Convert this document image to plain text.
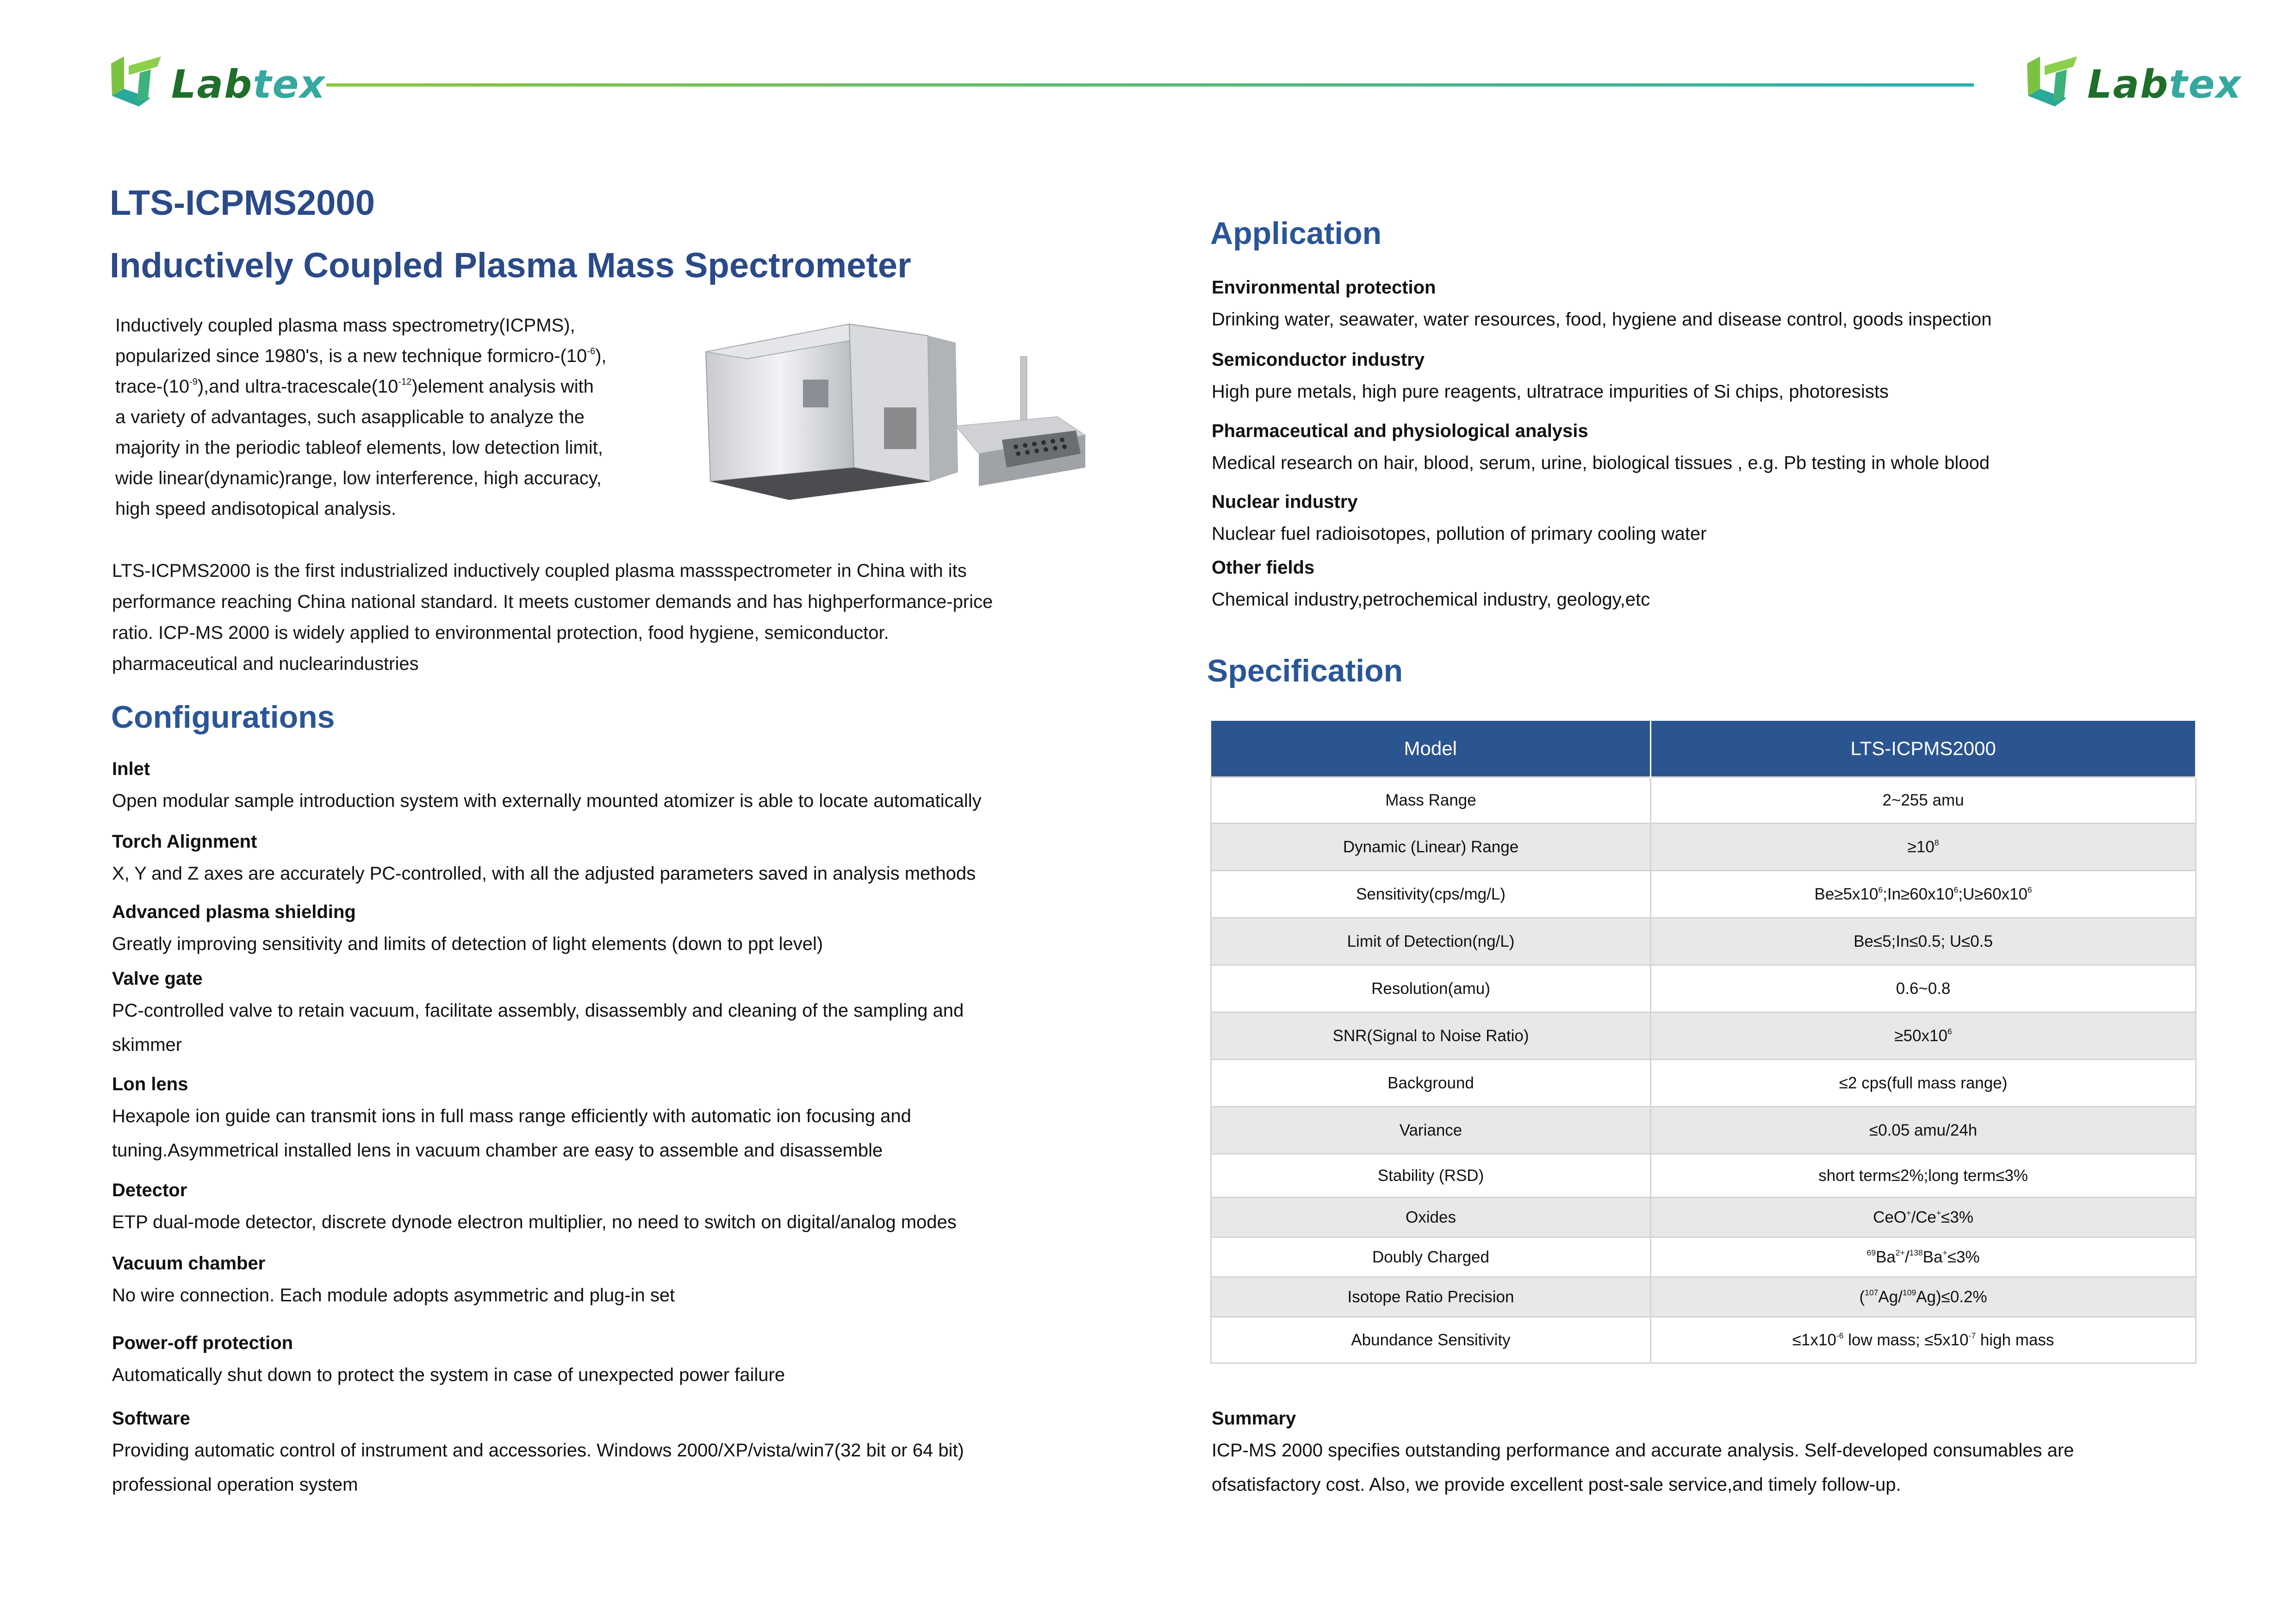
Labtex	Labtex
LTS-ICPMS2000
Inductively Coupled Plasma Mass Spectrometer
Inductively coupled plasma mass spectrometry(ICPMS),
popularized since 1980's, is a new technique formicro-$(10^{-6})$,
trace-$(10^{-9}),and$ ultra-$tracescale(10^{-12})element$ analysis with
a variety of advantages, such asapplicable to analyze the
majority in the periodic tableof elements, low detection limit,
wide linear(dynamic)range, low interference, high accuracy,
high speed andisotopical analysis.
LTS-ICPMS2000 is the first industrialized inductively coupled plasma massspectrometer in China with its
performance reaching China national standard. It meets customer demands and has highperformance-price
ratio. ICP-MS 2000 is widely applied to environmental protection, food hygiene, semiconductor.
pharmaceutical and nuclearindustries
Configurations
Inlet
Open modular sample introduction system with externally mounted atomizer is able to locate automatically
Torch Alignment
X, Y and Z axes are accurately PC-controlled, with all the adjusted parameters saved in analysis methods
Advanced plasma shielding
Greatly improving sensitivity and limits of detection of light elements (down to ppt level)
Valve gate
PC-controlled valve to retain vacuum, facilitate assembly, disassembly and cleaning of the sampling and
skimmer
Lon lens
Hexapole ion guide can transmit ions in full mass range efficiently with automatic ion focusing and
tuning.Asymmetrical installed lens in vacuum chamber are easy to assemble and disassemble
Detector
ETP dual-mode detector, discrete dynode electron multiplier, no need to switch on digital/analog modes
Vacuum chamber
No wire connection. Each module adopts asymmetric and plug-in set
Power-off protection
Automatically shut down to protect the system in case of unexpected power failure
Software
Providing automatic control of instrument and accessories. Windows 2000/XP/vista/win7(32 bit or 64 bit)
professional operation system
Application
Environmental protection
Drinking water, seawater, water resources, food, hygiene and disease control, goods inspection
Semiconductor industry
High pure metals, high pure reagents, ultratrace impurities of Si chips, photoresists
Pharmaceutical and physiological analysis
Medical research on hair, blood, serum, urine, biological tissues , e.g. Pb testing in whole blood
Nuclear industry
Nuclear fuel radioisotopes, pollution of primary cooling water
Other fields
Chemical industry,petrochemical industry, geology,etc
Specification
Model	LTS-ICPMS2000
Mass Range	2~255 amu
Dynamic (Linear) Range	$\ge 10^8$
Sensitivity(cps/mg/L)	$Be\ge 5x10^6;In\ge 60x10^6;U\ge 60x10^6$
Limit of Detection(ng/L)	Be≤5;In≤0.5; U≤0.5
Resolution(amu)	0.6~0.8
SNR(Signal to Noise Ratio)	$\ge 50x10^6$
Background	≤2 cps(full mass range)
Variance	≤0.05 amu/24h
Stability (RSD)	short term≤2%;long term≤3%
Oxides	CeO+/Ce+≤3%
Doubly Charged	$^{69}Ba^{2+}/^{138}Ba^+\le 3\%$
Isotope Ratio Precision	($^{107}$Ag/$^{109}$Ag)≤0.2%
Abundance Sensitivity	$\le 1x10^{-6}$ low mass; $\le 5x10^{-7}$ high mass
Summary
ICP-MS 2000 specifies outstanding performance and accurate analysis. Self-developed consumables are
ofsatisfactory cost. Also, we provide excellent post-sale service,and timely follow-up.
